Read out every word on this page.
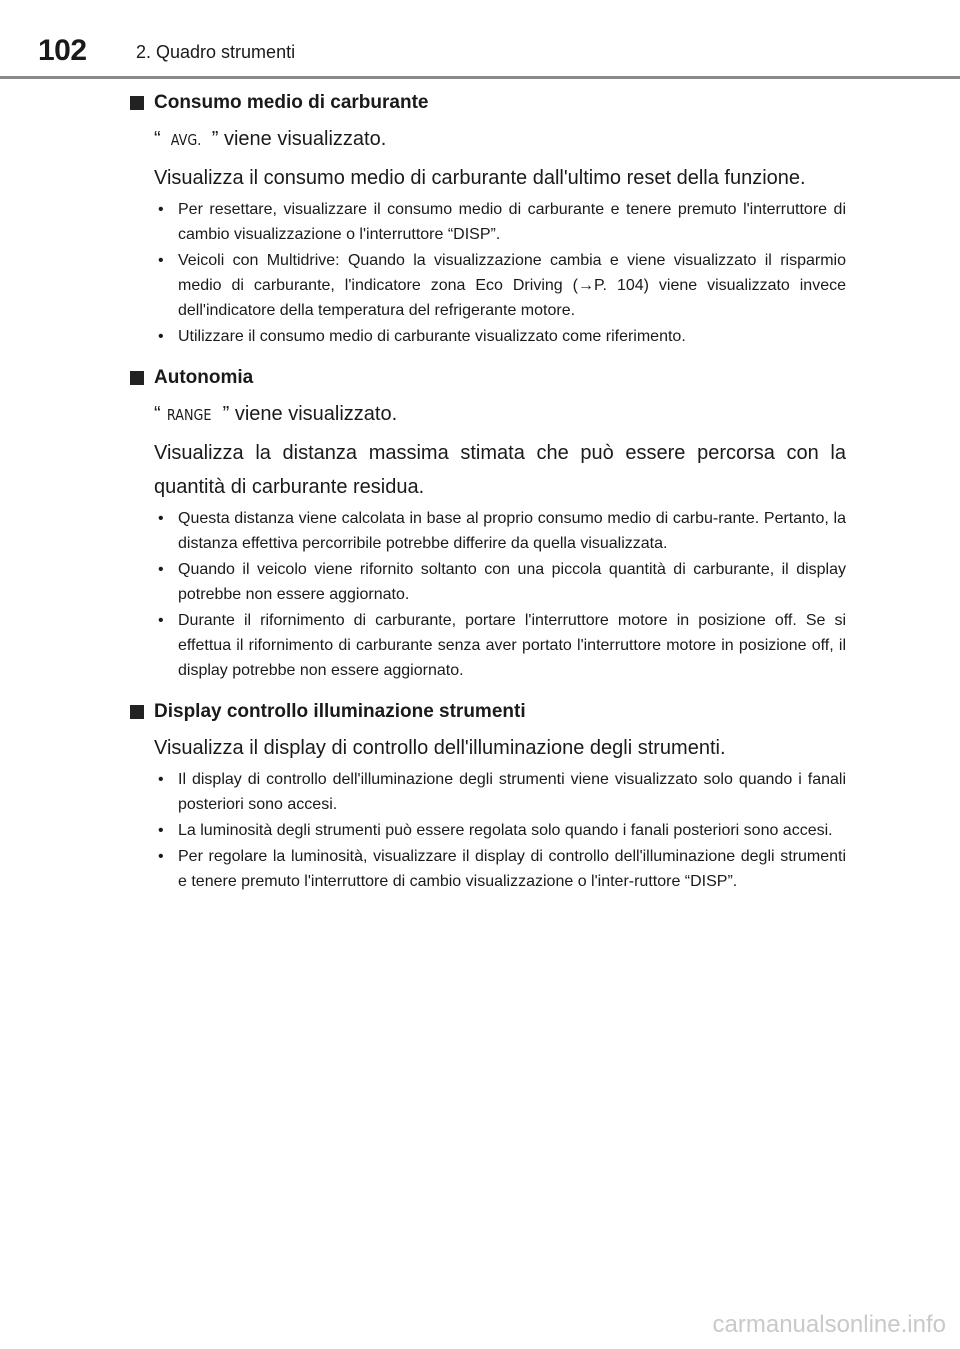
102	2. Quadro strumenti
Consumo medio di carburante
“ AVG. ” viene visualizzato.
Visualizza il consumo medio di carburante dall'ultimo reset della funzione.
• Per resettare, visualizzare il consumo medio di carburante e tenere premuto l'interruttore di cambio visualizzazione o l'interruttore “DISP”.
• Veicoli con Multidrive: Quando la visualizzazione cambia e viene visualizzato il risparmio medio di carburante, l'indicatore zona Eco Driving (→P. 104) viene visualizzato invece dell'indicatore della temperatura del refrigerante motore.
• Utilizzare il consumo medio di carburante visualizzato come riferimento.
Autonomia
“ RANGE ” viene visualizzato.
Visualizza la distanza massima stimata che può essere percorsa con la quantità di carburante residua.
• Questa distanza viene calcolata in base al proprio consumo medio di carbu-rante. Pertanto, la distanza effettiva percorribile potrebbe differire da quella visualizzata.
• Quando il veicolo viene rifornito soltanto con una piccola quantità di carburante, il display potrebbe non essere aggiornato.
• Durante il rifornimento di carburante, portare l'interruttore motore in posizione off. Se si effettua il rifornimento di carburante senza aver portato l'interruttore motore in posizione off, il display potrebbe non essere aggiornato.
Display controllo illuminazione strumenti
Visualizza il display di controllo dell'illuminazione degli strumenti.
• Il display di controllo dell'illuminazione degli strumenti viene visualizzato solo quando i fanali posteriori sono accesi.
• La luminosità degli strumenti può essere regolata solo quando i fanali posteriori sono accesi.
• Per regolare la luminosità, visualizzare il display di controllo dell'illuminazione degli strumenti e tenere premuto l'interruttore di cambio visualizzazione o l'inter-ruttore “DISP”.
carmanualsonline.info
